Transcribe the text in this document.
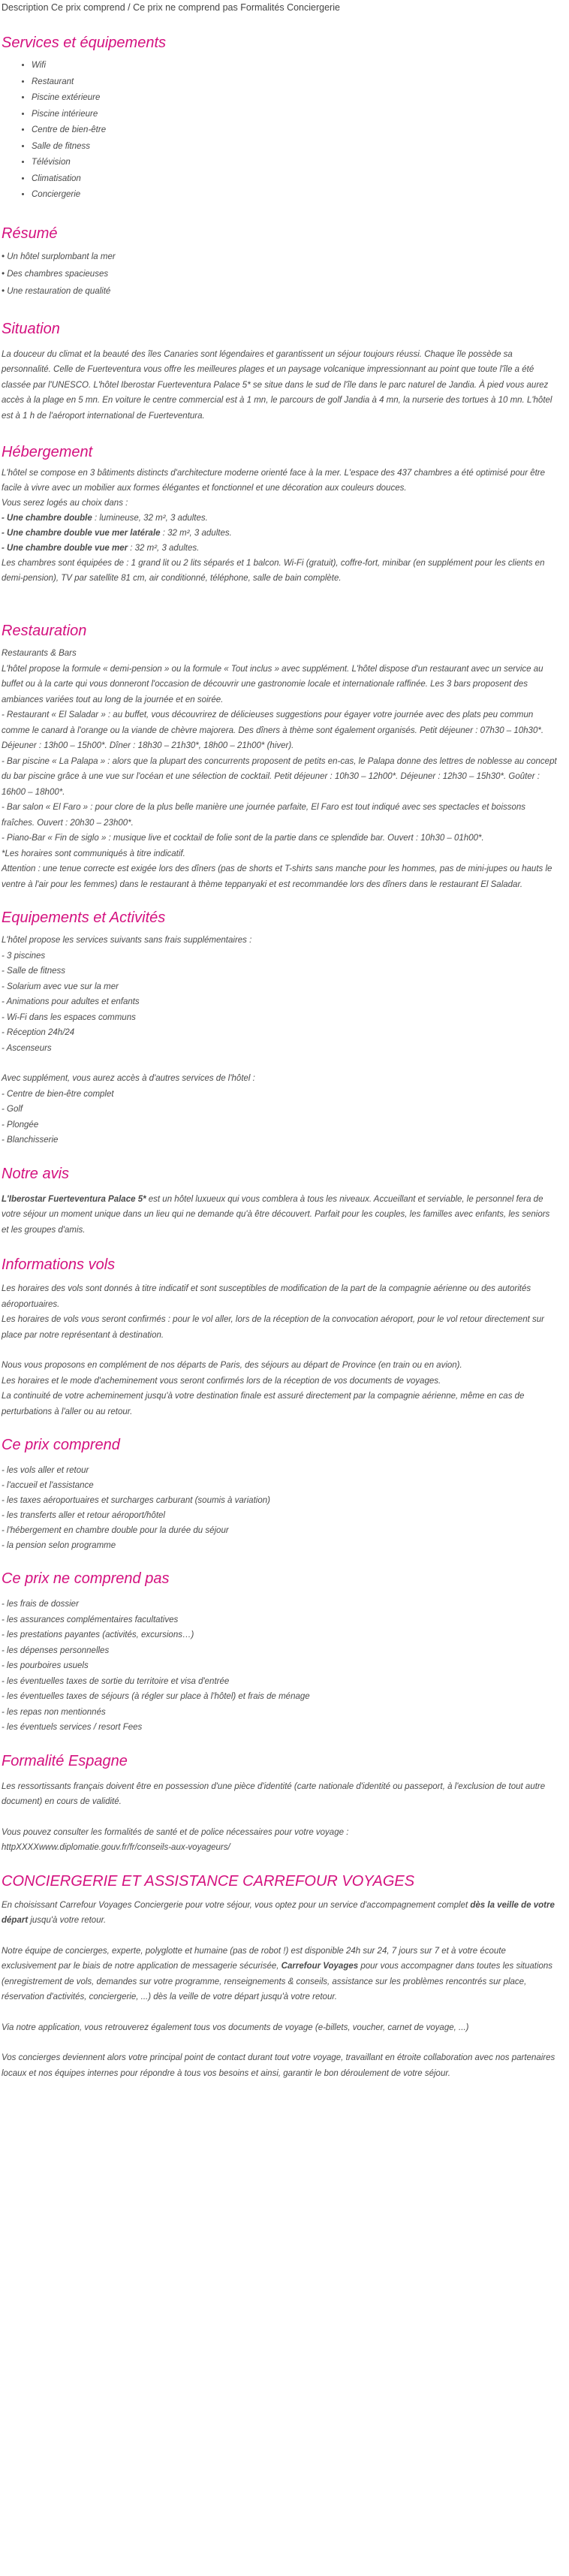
Description Ce prix comprend / Ce prix ne comprend pas Formalités Conciergerie
Services et équipements
• Wifi
• Restaurant
• Piscine extérieure
• Piscine intérieure
• Centre de bien-être
• Salle de fitness
• Télévision
• Climatisation
• Conciergerie
Résumé

• Un hôtel surplombant la mer

• Des chambres spacieuses

• Une restauration de qualité

Situation

La douceur du climat et la beauté des îles Canaries sont légendaires et garantissent un séjour toujours réussi. Chaque île possède sa personnalité. Celle de Fuerteventura vous offre les meilleures plages et un paysage volcanique impressionnant au point que toute l'île a été classée par l'UNESCO. L'hôtel Iberostar Fuerteventura Palace 5* se situe dans le sud de l'île dans le parc naturel de Jandia. À pied vous aurez accès à la plage en 5 mn. En voiture le centre commercial est à 1 mn, le parcours de golf Jandia à 4 mn, la nurserie des tortues à 10 mn. L'hôtel est à 1 h de l'aéroport international de Fuerteventura.

Hébergement

L'hôtel se compose en 3 bâtiments distincts d'architecture moderne orienté face à la mer. L'espace des 437 chambres a été optimisé pour être facile à vivre avec un mobilier aux formes élégantes et fonctionnel et une décoration aux couleurs douces.

Vous serez logés au choix dans :

- Une chambre double : lumineuse, 32 m², 3 adultes.

- Une chambre double vue mer latérale : 32 m², 3 adultes.

- Une chambre double vue mer : 32 m², 3 adultes.

Les chambres sont équipées de : 1 grand lit ou 2 lits séparés et 1 balcon. Wi-Fi (gratuit), coffre-fort, minibar (en supplément pour les clients en demi-pension), TV par satellite 81 cm, air conditionné, téléphone, salle de bain complète.

Restauration

Restaurants & Bars

L'hôtel propose la formule « demi-pension » ou la formule « Tout inclus » avec supplément. L'hôtel dispose d'un restaurant avec un service au buffet ou à la carte qui vous donneront l'occasion de découvrir une gastronomie locale et internationale raffinée. Les 3 bars proposent des ambiances variées tout au long de la journée et en soirée.

- Restaurant « El Saladar » : au buffet, vous découvrirez de délicieuses suggestions pour égayer votre journée avec des plats peu commun comme le canard à l'orange ou la viande de chèvre majorera. Des dîners à thème sont également organisés. Petit déjeuner : 07h30 – 10h30*. Déjeuner : 13h00 – 15h00*. Dîner : 18h30 – 21h30*, 18h00 – 21h00* (hiver).

- Bar piscine « La Palapa » : alors que la plupart des concurrents proposent de petits en-cas, le Palapa donne des lettres de noblesse au concept du bar piscine grâce à une vue sur l'océan et une sélection de cocktail. Petit déjeuner : 10h30 – 12h00*. Déjeuner : 12h30 – 15h30*. Goûter : 16h00 – 18h00*.

- Bar salon « El Faro » : pour clore de la plus belle manière une journée parfaite, El Faro est tout indiqué avec ses spectacles et boissons fraîches. Ouvert : 20h30 – 23h00*.

- Piano-Bar « Fin de siglo » : musique live et cocktail de folie sont de la partie dans ce splendide bar. Ouvert : 10h30 – 01h00*.

*Les horaires sont communiqués à titre indicatif.

Attention : une tenue correcte est exigée lors des dîners (pas de shorts et T-shirts sans manche pour les hommes, pas de mini-jupes ou hauts le ventre à l'air pour les femmes) dans le restaurant à thème teppanyaki et est recommandée lors des dîners dans le restaurant El Saladar.

Equipements et Activités

L'hôtel propose les services suivants sans frais supplémentaires :

- 3 piscines

- Salle de fitness

- Solarium avec vue sur la mer

- Animations pour adultes et enfants

- Wi-Fi dans les espaces communs

- Réception 24h/24

- Ascenseurs

Avec supplément, vous aurez accès à d'autres services de l'hôtel :

- Centre de bien-être complet

- Golf

- Plongée

- Blanchisserie

Notre avis

L'Iberostar Fuerteventura Palace 5* est un hôtel luxueux qui vous comblera à tous les niveaux. Accueillant et serviable, le personnel fera de votre séjour un moment unique dans un lieu qui ne demande qu'à être découvert. Parfait pour les couples, les familles avec enfants, les seniors et les groupes d'amis.

Informations vols

Les horaires des vols sont donnés à titre indicatif et sont susceptibles de modification de la part de la compagnie aérienne ou des autorités aéroportuaires.

Les horaires de vols vous seront confirmés : pour le vol aller, lors de la réception de la convocation aéroport, pour le vol retour directement sur place par notre représentant à destination.

Nous vous proposons en complément de nos départs de Paris, des séjours au départ de Province (en train ou en avion).

Les horaires et le mode d'acheminement vous seront confirmés lors de la réception de vos documents de voyages.

La continuité de votre acheminement jusqu'à votre destination finale est assuré directement par la compagnie aérienne, même en cas de perturbations à l'aller ou au retour.

Ce prix comprend

- les vols aller et retour

- l'accueil et l'assistance

- les taxes aéroportuaires et surcharges carburant (soumis à variation)

- les transferts aller et retour aéroport/hôtel

- l'hébergement en chambre double pour la durée du séjour

- la pension selon programme

Ce prix ne comprend pas

- les frais de dossier

- les assurances complémentaires facultatives

- les prestations payantes (activités, excursions…)

- les dépenses personnelles

- les pourboires usuels

- les éventuelles taxes de sortie du territoire et visa d'entrée

- les éventuelles taxes de séjours (à régler sur place à l'hôtel) et frais de ménage

- les repas non mentionnés

- les éventuels services / resort Fees

Formalité Espagne

Les ressortissants français doivent être en possession d'une pièce d'identité (carte nationale d'identité ou passeport, à l'exclusion de tout autre document) en cours de validité.

Vous pouvez consulter les formalités de santé et de police nécessaires pour votre voyage :

httpXXXXwww.diplomatie.gouv.fr/fr/conseils-aux-voyageurs/

CONCIERGERIE ET ASSISTANCE CARREFOUR VOYAGES

En choisissant Carrefour Voyages Conciergerie pour votre séjour, vous optez pour un service d'accompagnement complet dès la veille de votre départ jusqu'à votre retour.

Notre équipe de concierges, experte, polyglotte et humaine (pas de robot !) est disponible 24h sur 24, 7 jours sur 7 et à votre écoute exclusivement par le biais de notre application de messagerie sécurisée, Carrefour Voyages pour vous accompagner dans toutes les situations (enregistrement de vols, demandes sur votre programme, renseignements & conseils, assistance sur les problèmes rencontrés sur place, réservation d'activités, conciergerie, ...) dès la veille de votre départ jusqu'à votre retour.

Via notre application, vous retrouverez également tous vos documents de voyage (e-billets, voucher, carnet de voyage, ...)

Vos concierges deviennent alors votre principal point de contact durant tout votre voyage, travaillant en étroite collaboration avec nos partenaires locaux et nos équipes internes pour répondre à tous vos besoins et ainsi, garantir le bon déroulement de votre séjour.
